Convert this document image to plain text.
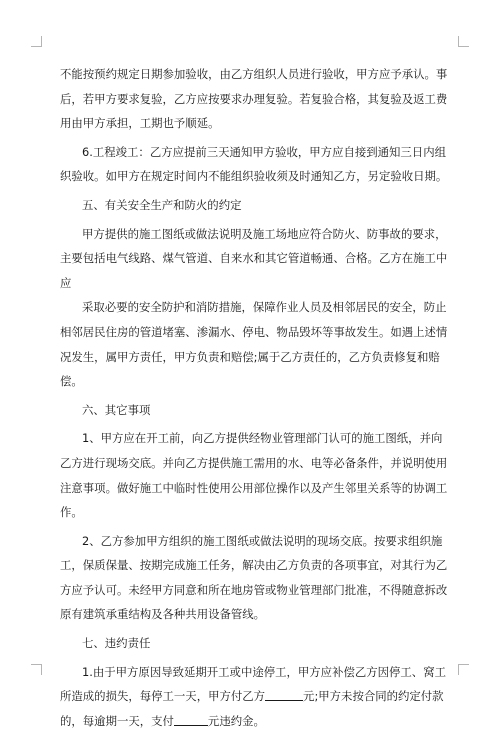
不能按预约规定日期参加验收，由乙方组织人员进行验收，甲方应予承认。事后，若甲方要求复验，乙方应按要求办理复验。若复验合格，其复验及返工费用由甲方承担，工期也予顺延。

6.工程竣工：乙方应提前三天通知甲方验收，甲方应自接到通知三日内组织验收。如甲方在规定时间内不能组织验收须及时通知乙方，另定验收日期。

五、有关安全生产和防火的约定

甲方提供的施工图纸或做法说明及施工场地应符合防火、防事故的要求，主要包括电气线路、煤气管道、自来水和其它管道畅通、合格。乙方在施工中应

采取必要的安全防护和消防措施，保障作业人员及相邻居民的安全，防止相邻居民住房的管道堵塞、渗漏水、停电、物品毁坏等事故发生。如遇上述情况发生，属甲方责任，甲方负责和赔偿;属于乙方责任的，乙方负责修复和赔偿。

六、其它事项

1、甲方应在开工前，向乙方提供经物业管理部门认可的施工图纸，并向乙方进行现场交底。并向乙方提供施工需用的水、电等必备条件，并说明使用注意事项。做好施工中临时性使用公用部位操作以及产生邻里关系等的协调工作。

2、乙方参加甲方组织的施工图纸或做法说明的现场交底。按要求组织施工，保质保量、按期完成施工任务，解决由乙方负责的各项事宜，对其行为乙方应予认可。未经甲方同意和所在地房管或物业管理部门批准，不得随意拆改原有建筑承重结构及各种共用设备管线。

七、违约责任

1.由于甲方原因导致延期开工或中途停工，甲方应补偿乙方因停工、窝工所造成的损失，每停工一天，甲方付乙方	元;甲方未按合同的约定付款的，每逾期一天，支付	元违约金。
